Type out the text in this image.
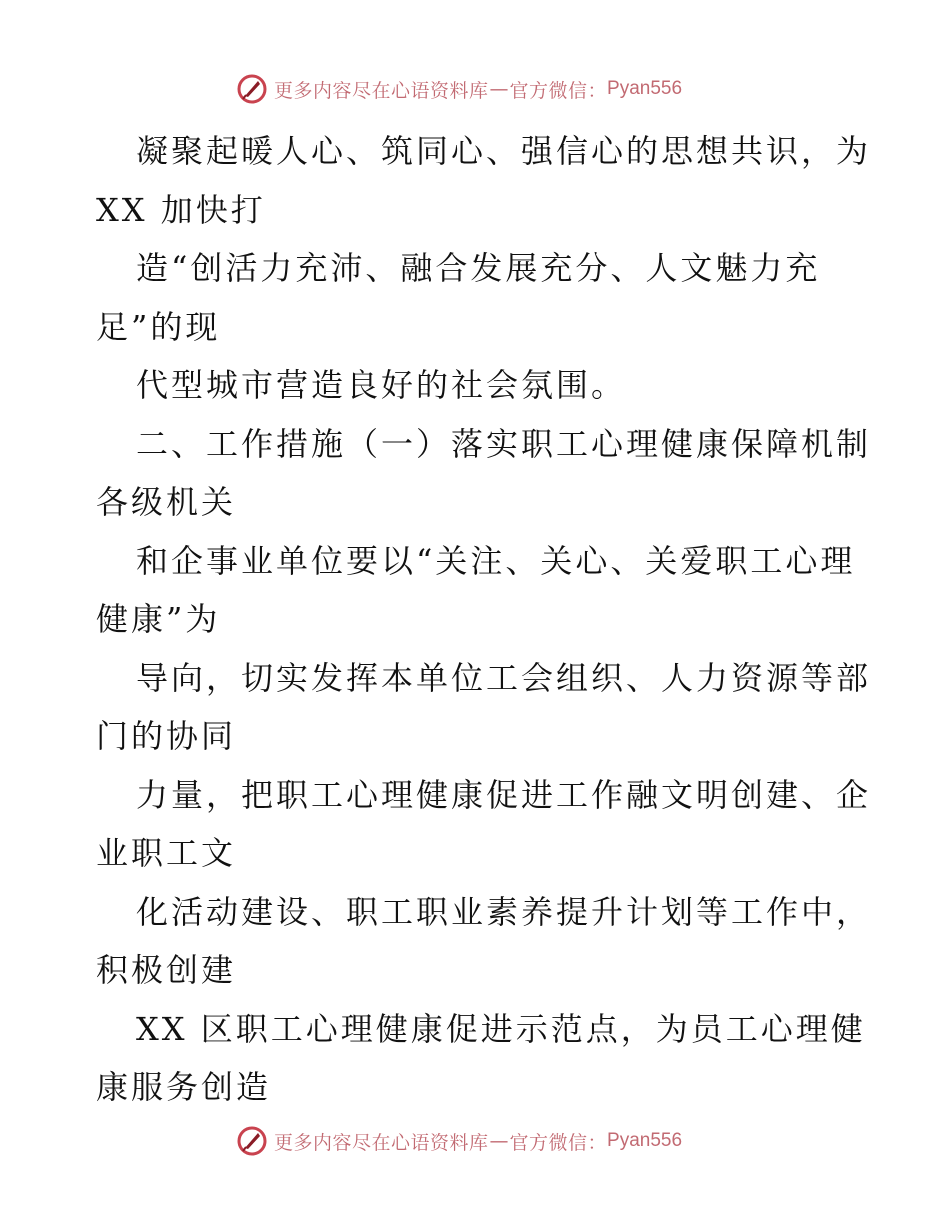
更多内容尽在心语资料库 — 官方微信： Pyan556
凝聚起暖人心、筑同心、强信心的思想共识，为
XX 加快打
造“创活力充沛、融合发展充分、人文魅力充
足”的现
代型城市营造良好的社会氛围。
二、工作措施（一）落实职工心理健康保障机制
各级机关
和企事业单位要以“关注、关心、关爱职工心理
健康”为
导向，切实发挥本单位工会组织、人力资源等部
门的协同
力量，把职工心理健康促进工作融文明创建、企
业职工文
化活动建设、职工职业素养提升计划等工作中，
积极创建
XX 区职工心理健康促进示范点，为员工心理健
康服务创造
更多内容尽在心语资料库 — 官方微信： Pyan556
